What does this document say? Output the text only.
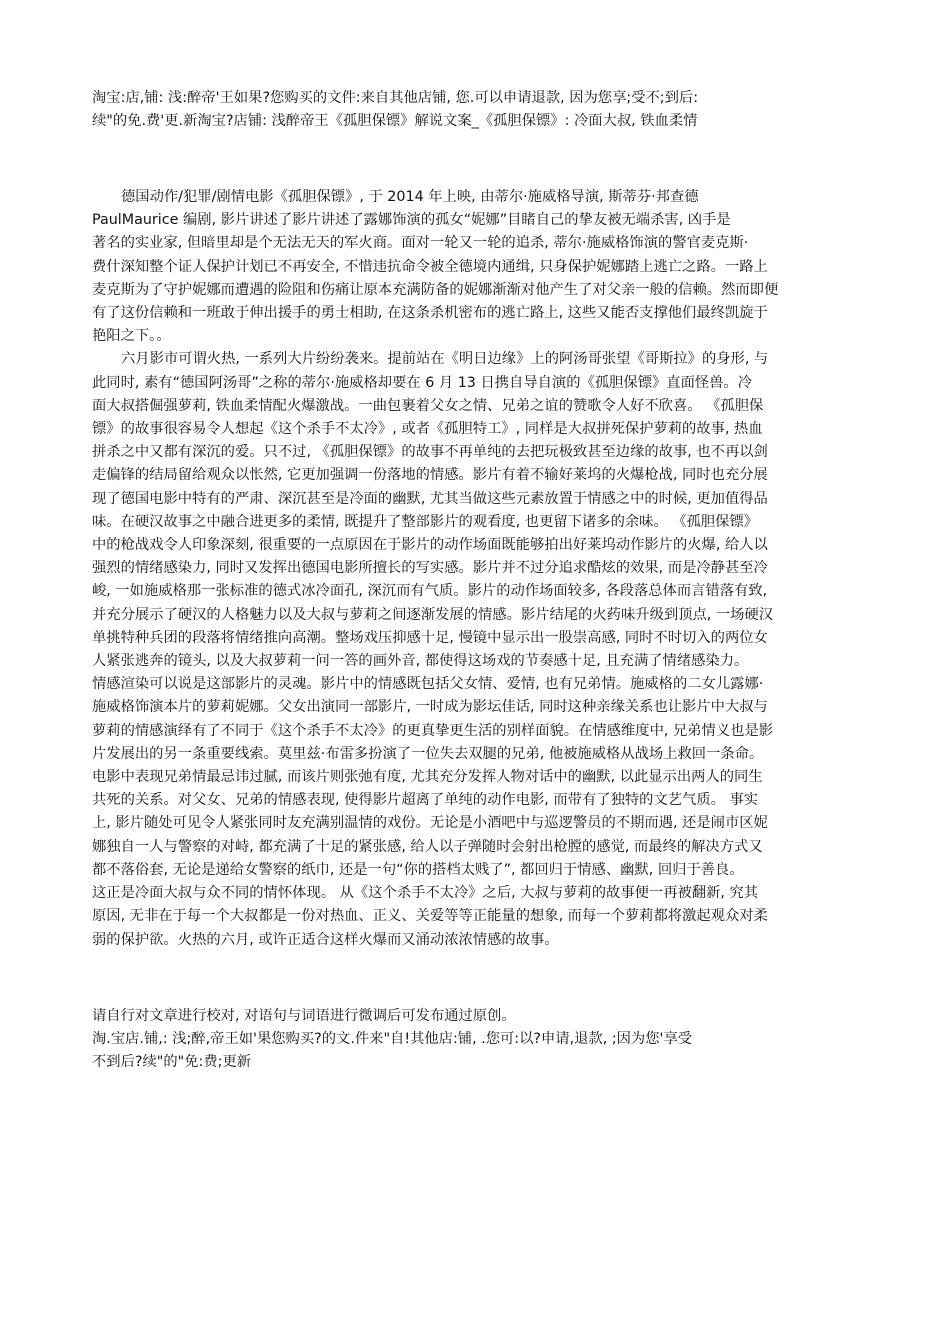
淘宝:店,铺: 浅:醉帝'王如果?您购买的文件:来自其他店铺, 您.可以申请退款, 因为您享;受不;到后:

续"的免.费'更.新淘宝?店铺: 浅醉帝王《孤胆保镖》解说文案_《孤胆保镖》: 冷面大叔, 铁血柔情

德国动作/犯罪/剧情电影《孤胆保镖》, 于 2014 年上映, 由蒂尔·施威格导演, 斯蒂芬·邦查德

PaulMaurice 编剧, 影片讲述了影片讲述了露娜饰演的孤女“妮娜”目睹自己的挚友被无端杀害, 凶手是

著名的实业家, 但暗里却是个无法无天的军火商。面对一轮又一轮的追杀, 蒂尔·施威格饰演的警官麦克斯·

费什深知整个证人保护计划已不再安全, 不惜违抗命令被全德境内通缉, 只身保护妮娜踏上逃亡之路。一路上

麦克斯为了守护妮娜而遭遇的险阻和伤痛让原本充满防备的妮娜渐渐对他产生了对父亲一般的信赖。然而即便

有了这份信赖和一班敢于伸出援手的勇士相助, 在这条杀机密布的逃亡路上, 这些又能否支撑他们最终凯旋于

艳阳之下。。

六月影市可谓火热, 一系列大片纷纷袭来。提前站在《明日边缘》上的阿汤哥张望《哥斯拉》的身形, 与

此同时, 素有“德国阿汤哥”之称的蒂尔·施威格却要在 6 月 13 日携自导自演的《孤胆保镖》直面怪兽。冷

面大叔搭倔强萝莉, 铁血柔情配火爆激战。一曲包裹着父女之情、兄弟之谊的赞歌令人好不欣喜。 《孤胆保

镖》的故事很容易令人想起《这个杀手不太冷》, 或者《孤胆特工》, 同样是大叔拼死保护萝莉的故事, 热血

拼杀之中又都有深沉的爱。只不过, 《孤胆保镖》的故事不再单纯的去把玩极致甚至边缘的故事, 也不再以剑

走偏锋的结局留给观众以怅然, 它更加强调一份落地的情感。影片有着不输好莱坞的火爆枪战, 同时也充分展

现了德国电影中特有的严肃、深沉甚至是冷面的幽默, 尤其当做这些元素放置于情感之中的时候, 更加值得品

味。在硬汉故事之中融合进更多的柔情, 既提升了整部影片的观看度, 也更留下诸多的余味。 《孤胆保镖》

中的枪战戏令人印象深刻, 很重要的一点原因在于影片的动作场面既能够拍出好莱坞动作影片的火爆, 给人以

强烈的情绪感染力, 同时又发挥出德国电影所擅长的写实感。影片并不过分追求酷炫的效果, 而是冷静甚至冷

峻, 一如施威格那一张标准的德式冰冷面孔, 深沉而有气质。影片的动作场面较多, 各段落总体而言错落有致,

并充分展示了硬汉的人格魅力以及大叔与萝莉之间逐渐发展的情感。影片结尾的火药味升级到顶点, 一场硬汉

单挑特种兵团的段落将情绪推向高潮。整场戏压抑感十足, 慢镜中显示出一股崇高感, 同时不时切入的两位女

人紧张逃奔的镜头, 以及大叔萝莉一问一答的画外音, 都使得这场戏的节奏感十足, 且充满了情绪感染力。

情感渲染可以说是这部影片的灵魂。影片中的情感既包括父女情、爱情, 也有兄弟情。施威格的二女儿露娜·

施威格饰演本片的萝莉妮娜。父女出演同一部影片, 一时成为影坛佳话, 同时这种亲缘关系也让影片中大叔与

萝莉的情感演绎有了不同于《这个杀手不太冷》的更真挚更生活的别样面貌。在情感维度中, 兄弟情义也是影

片发展出的另一条重要线索。莫里兹·布雷多扮演了一位失去双腿的兄弟, 他被施威格从战场上救回一条命。

电影中表现兄弟情最忌讳过腻, 而该片则张弛有度, 尤其充分发挥人物对话中的幽默, 以此显示出两人的同生

共死的关系。对父女、兄弟的情感表现, 使得影片超离了单纯的动作电影, 而带有了独特的文艺气质。 事实

上, 影片随处可见令人紧张同时友充满别温情的戏份。无论是小酒吧中与巡逻警员的不期而遇, 还是闹市区妮

娜独自一人与警察的对峙, 都充满了十足的紧张感, 给人以子弹随时会射出枪膛的感觉, 而最终的解决方式又

都不落俗套, 无论是递给女警察的纸巾, 还是一句“你的搭档太贱了”, 都回归于情感、幽默, 回归于善良。

这正是冷面大叔与众不同的情怀体现。 从《这个杀手不太冷》之后, 大叔与萝莉的故事便一再被翻新, 究其

原因, 无非在于每一个大叔都是一份对热血、正义、关爱等等正能量的想象, 而每一个萝莉都将激起观众对柔

弱的保护欲。火热的六月, 或许正适合这样火爆而又涌动浓浓情感的故事。

请自行对文章进行校对, 对语句与词语进行微调后可发布通过原创。

淘.宝店.铺,: 浅;醉,帝王如'果您购买?的文.件来"自!其他店:铺, .您可:以?申请,退款, ;因为您'享受

不到后?续"的"免:费;更新
